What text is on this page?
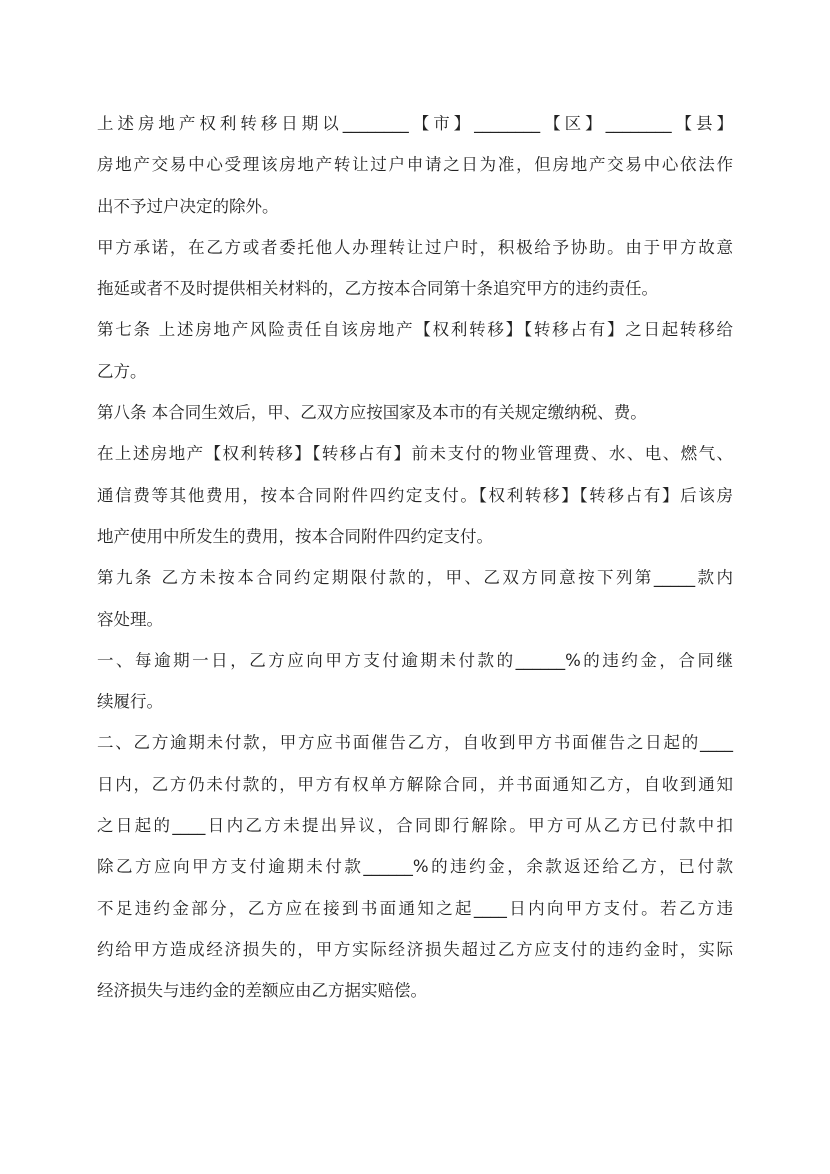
上述房地产权利转移日期以________【市】________【区】________【县】
房地产交易中心受理该房地产转让过户申请之日为准，但房地产交易中心依法作
出不予过户决定的除外。
甲方承诺，在乙方或者委托他人办理转让过户时，积极给予协助。由于甲方故意
拖延或者不及时提供相关材料的，乙方按本合同第十条追究甲方的违约责任。
第七条 上述房地产风险责任自该房地产【权利转移】【转移占有】之日起转移给
乙方。
第八条 本合同生效后，甲、乙双方应按国家及本市的有关规定缴纳税、费。
在上述房地产【权利转移】【转移占有】前未支付的物业管理费、水、电、燃气、
通信费等其他费用，按本合同附件四约定支付。【权利转移】【转移占有】后该房
地产使用中所发生的费用，按本合同附件四约定支付。
第九条 乙方未按本合同约定期限付款的，甲、乙双方同意按下列第_____款内
容处理。
一、每逾期一日，乙方应向甲方支付逾期未付款的______%的违约金，合同继
续履行。
二、乙方逾期未付款，甲方应书面催告乙方，自收到甲方书面催告之日起的____
日内，乙方仍未付款的，甲方有权单方解除合同，并书面通知乙方，自收到通知
之日起的____日内乙方未提出异议，合同即行解除。甲方可从乙方已付款中扣
除乙方应向甲方支付逾期未付款______%的违约金，余款返还给乙方，已付款
不足违约金部分，乙方应在接到书面通知之起____日内向甲方支付。若乙方违
约给甲方造成经济损失的，甲方实际经济损失超过乙方应支付的违约金时，实际
经济损失与违约金的差额应由乙方据实赔偿。
